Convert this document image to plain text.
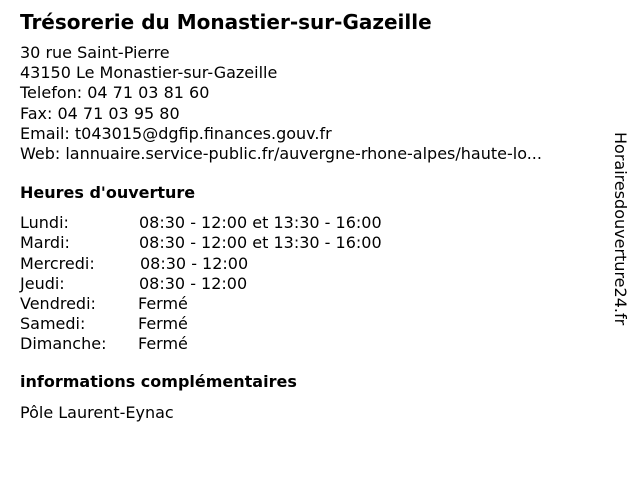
Trésorerie du Monastier-sur-Gazeille
30 rue Saint-Pierre
43150 Le Monastier-sur-Gazeille
Telefon: 04 71 03 81 60
Fax: 04 71 03 95 80
Email: t043015@dgfip.finances.gouv.fr
Web: lannuaire.service-public.fr/auvergne-rhone-alpes/haute-lo...
Heures d'ouverture
Lundi:	08:30 - 12:00 et 13:30 - 16:00
Mardi:	08:30 - 12:00 et 13:30 - 16:00
Mercredi:	08:30 - 12:00
Jeudi:	08:30 - 12:00
Vendredi:	Fermé
Samedi:	Fermé
Dimanche: Fermé
informations complémentaires
Pôle Laurent-Eynac
Horairesdouverture24.fr
